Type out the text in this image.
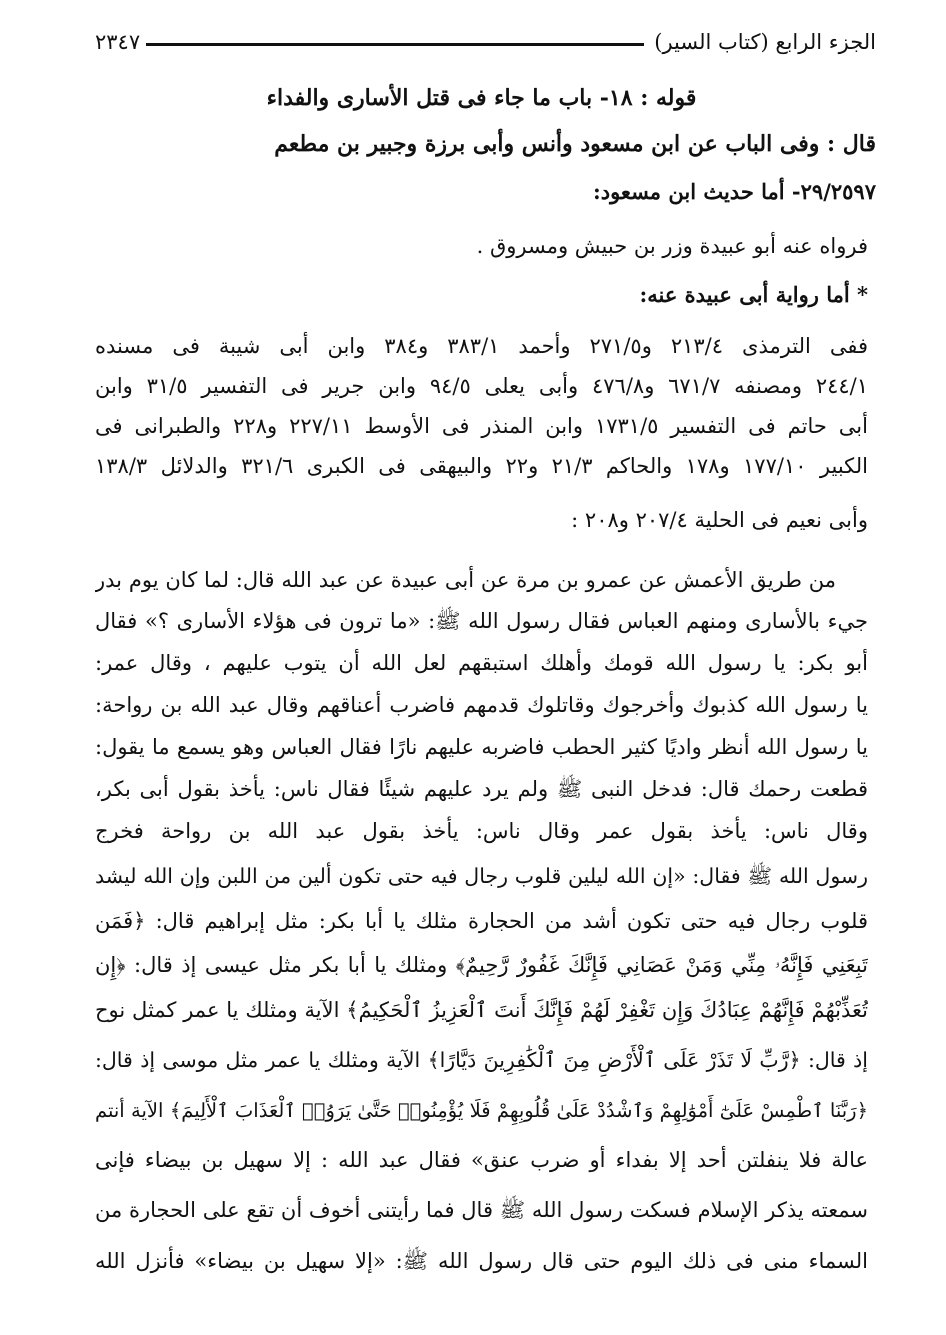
الجزء الرابع (كتاب السير)
٢٣٤٧
قوله : ١٨- باب ما جاء فى قتل الأسارى والفداء
قال : وفى الباب عن ابن مسعود وأنس وأبى برزة وجبير بن مطعم
٢٩/٢٥٩٧- أما حديث ابن مسعود:
فرواه عنه أبو عبيدة وزر بن حبيش ومسروق .
* أما رواية أبى عبيدة عنه:
ففى الترمذى ٢١٣/٤ و٢٧١/٥ وأحمد ٣٨٣/١ و٣٨٤ وابن أبى شيبة فى مسنده
٢٤٤/١ ومصنفه ٦٧١/٧ و٤٧٦/٨ وأبى يعلى ٩٤/٥ وابن جرير فى التفسير ٣١/٥ وابن
أبى حاتم فى التفسير ١٧٣١/٥ وابن المنذر فى الأوسط ٢٢٧/١١ و٢٢٨ والطبرانى فى
الكبير ١٧٧/١٠ و١٧٨ والحاكم ٢١/٣ و٢٢ والبيهقى فى الكبرى ٣٢١/٦ والدلائل ١٣٨/٣
وأبى نعيم فى الحلية ٢٠٧/٤ و٢٠٨ :
من طريق الأعمش عن عمرو بن مرة عن أبى عبيدة عن عبد الله قال: لما كان يوم بدر
جيء بالأسارى ومنهم العباس فقال رسول الله ﷺ: «ما ترون فى هؤلاء الأسارى ؟» فقال
أبو بكر: يا رسول الله قومك وأهلك استبقهم لعل الله أن يتوب عليهم ، وقال عمر:
يا رسول الله كذبوك وأخرجوك وقاتلوك قدمهم فاضرب أعناقهم وقال عبد الله بن رواحة:
يا رسول الله أنظر واديًا كثير الحطب فاضربه عليهم نارًا فقال العباس وهو يسمع ما يقول:
قطعت رحمك قال: فدخل النبى ﷺ ولم يرد عليهم شيئًا فقال ناس: يأخذ بقول أبى بكر،
وقال ناس: يأخذ بقول عمر وقال ناس: يأخذ بقول عبد الله بن رواحة فخرج
رسول الله ﷺ فقال: «إن الله ليلين قلوب رجال فيه حتى تكون ألين من اللبن وإن الله ليشد
قلوب رجال فيه حتى تكون أشد من الحجارة مثلك يا أبا بكر: مثل إبراهيم قال: ﴿فَمَن
تَبِعَنِي فَإِنَّهُۥ مِنِّي وَمَنْ عَصَانِي فَإِنَّكَ غَفُورٌ رَّحِيمٌ﴾ ومثلك يا أبا بكر مثل عيسى إذ قال: ﴿إِن
تُعَذِّبْهُمْ فَإِنَّهُمْ عِبَادُكَ وَإِن تَغْفِرْ لَهُمْ فَإِنَّكَ أَنتَ ٱلْعَزِيزُ ٱلْحَكِيمُ﴾ الآية ومثلك يا عمر كمثل نوح
إذ قال: ﴿رَّبِّ لَا تَذَرْ عَلَى ٱلْأَرْضِ مِنَ ٱلْكَٰفِرِينَ دَيَّارًا﴾ الآية ومثلك يا عمر مثل موسى إذ قال:
﴿رَبَّنَا ٱطْمِسْ عَلَىٰٓ أَمْوَٰلِهِمْ وَٱشْدُدْ عَلَىٰ قُلُوبِهِمْ فَلَا يُؤْمِنُوا۟ حَتَّىٰ يَرَوُا۟ ٱلْعَذَابَ ٱلْأَلِيمَ﴾ الآية أنتم
عالة فلا ينفلتن أحد إلا بفداء أو ضرب عنق» فقال عبد الله : إلا سهيل بن بيضاء فإنى
سمعته يذكر الإسلام فسكت رسول الله ﷺ قال فما رأيتنى أخوف أن تقع على الحجارة من
السماء منى فى ذلك اليوم حتى قال رسول الله ﷺ: «إلا سهيل بن بيضاء» فأنزل الله
